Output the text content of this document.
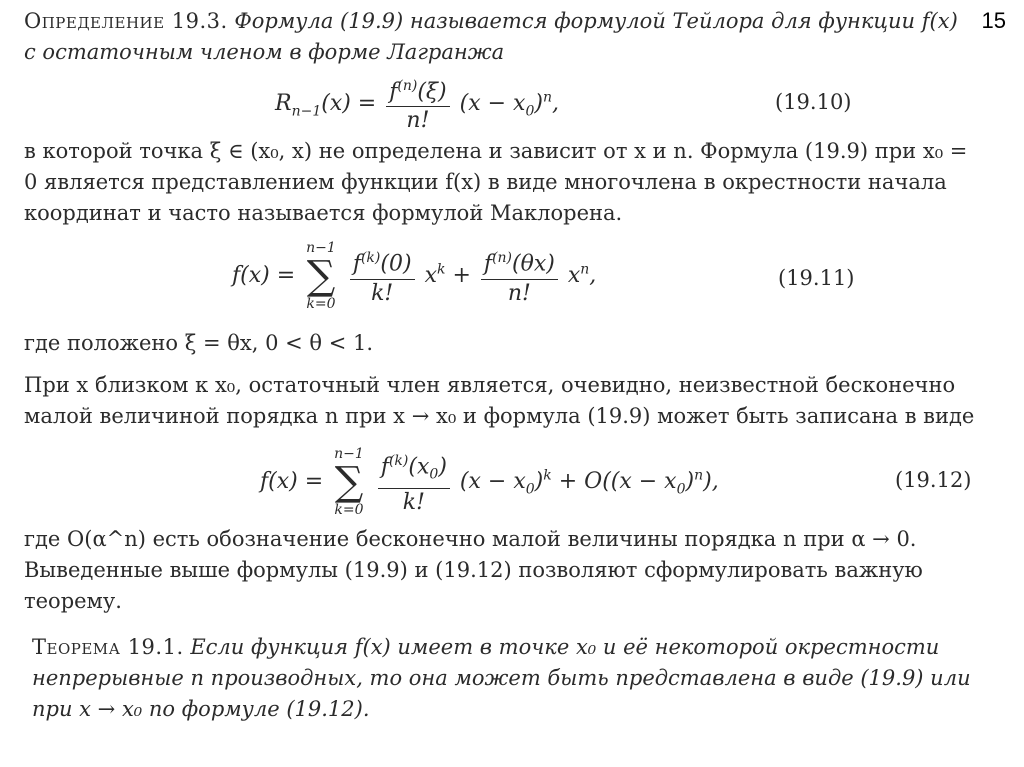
15
Определение 19.3. Формула (19.9) называется формулой Тейлора для функции f(x) с остаточным членом в форме Лагранжа
$R_{n-1}(x) = \frac{f^{(n)}(\xi)}{n!} (x - x_0)^n$,	(19.10)
в которой точка ξ ∈ (x₀, x) не определена и зависит от x и n. Формула (19.9) при x₀ = 0 является представлением функции f(x) в виде многочлена в окрестности начала координат и часто называется формулой Маклорена.
f(x) =
n−1
∑
k=0
$\frac{f^{(k)}(0)}{k!} x^k + \frac{f^{(n)}(\theta x)}{n!} x^n$,	(19.11)
где положено ξ = θx, 0 < θ < 1.
При x близком к x₀, остаточный член является, очевидно, неизвестной бесконечно малой величиной порядка n при x → x₀ и формула (19.9) может быть записана в виде
f(x) =
n−1
∑
k=0
$\frac{f^{(k)}(x_0)}{k!} (x - x_0)^k + O((x - x_0)^n)$,	(19.12)
где O(α^n) есть обозначение бесконечно малой величины порядка n при α → 0. Выведенные выше формулы (19.9) и (19.12) позволяют сформулировать важную теорему.
Теорема 19.1. Если функция f(x) имеет в точке x₀ и её некоторой окрестности непрерывные n производных, то она может быть представлена в виде (19.9) или при x → x₀ по формуле (19.12).
